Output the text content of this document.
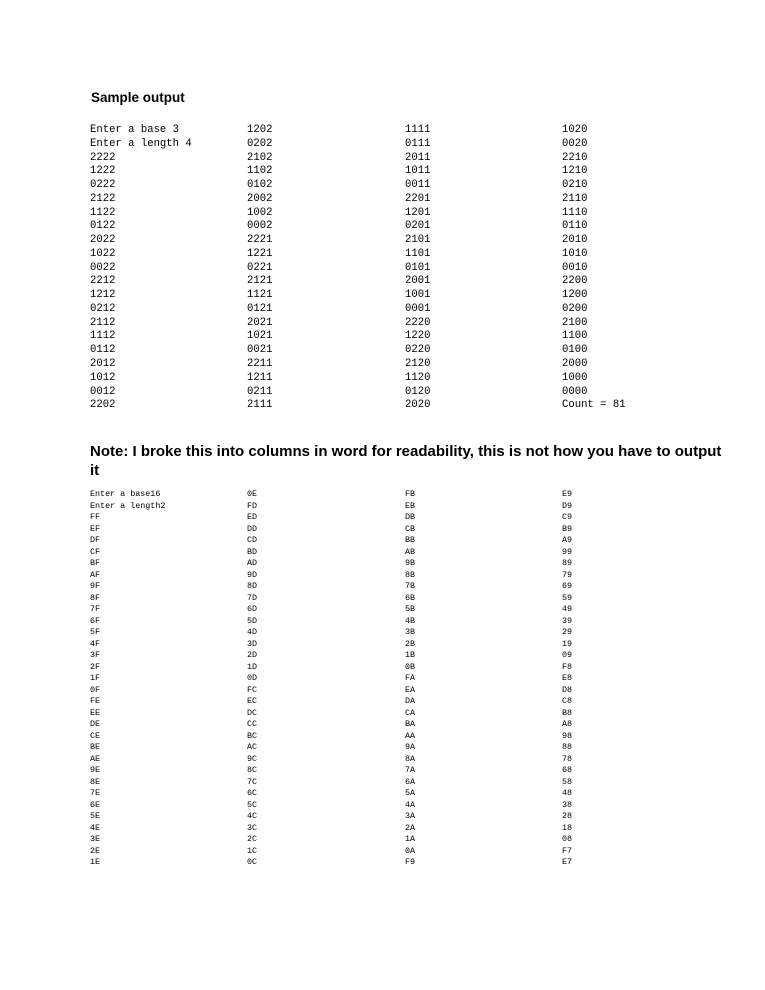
Sample output
Enter a base 3
Enter a length 4
2222
1222
0222
2122
1122
0122
2022
1022
0022
2212
1212
0212
2112
1112
0112
2012
1012
0012
2202
1202
0202
2102
1102
0102
2002
1002
0002
2221
1221
0221
2121
1121
0121
2021
1021
0021
2211
1211
0211
2111
1111
0111
2011
1011
0011
2201
1201
0201
2101
1101
0101
2001
1001
0001
2220
1220
0220
2120
1120
0120
2020
1020
0020
2210
1210
0210
2110
1110
0110
2010
1010
0010
2200
1200
0200
2100
1100
0100
2000
1000
0000
Count = 81
Note: I broke this into columns in word for readability, this is not how you have to output it
Enter a base16
Enter a length2
FF
EF
DF
CF
BF
AF
9F
8F
7F
6F
5F
4F
3F
2F
1F
0F
FE
EE
DE
CE
BE
AE
9E
8E
7E
6E
5E
4E
3E
2E
1E
0E
FD
ED
DD
CD
BD
AD
9D
8D
7D
6D
5D
4D
3D
2D
1D
0D
FC
EC
DC
CC
BC
AC
9C
8C
7C
6C
5C
4C
3C
2C
1C
0C
FB
EB
DB
CB
BB
AB
9B
8B
7B
6B
5B
4B
3B
2B
1B
0B
FA
EA
DA
CA
BA
AA
9A
8A
7A
6A
5A
4A
3A
2A
1A
0A
F9
E9
D9
C9
B9
A9
99
89
79
69
59
49
39
29
19
09
F8
E8
D8
C8
B8
A8
98
88
78
68
58
48
38
28
18
08
F7
E7
